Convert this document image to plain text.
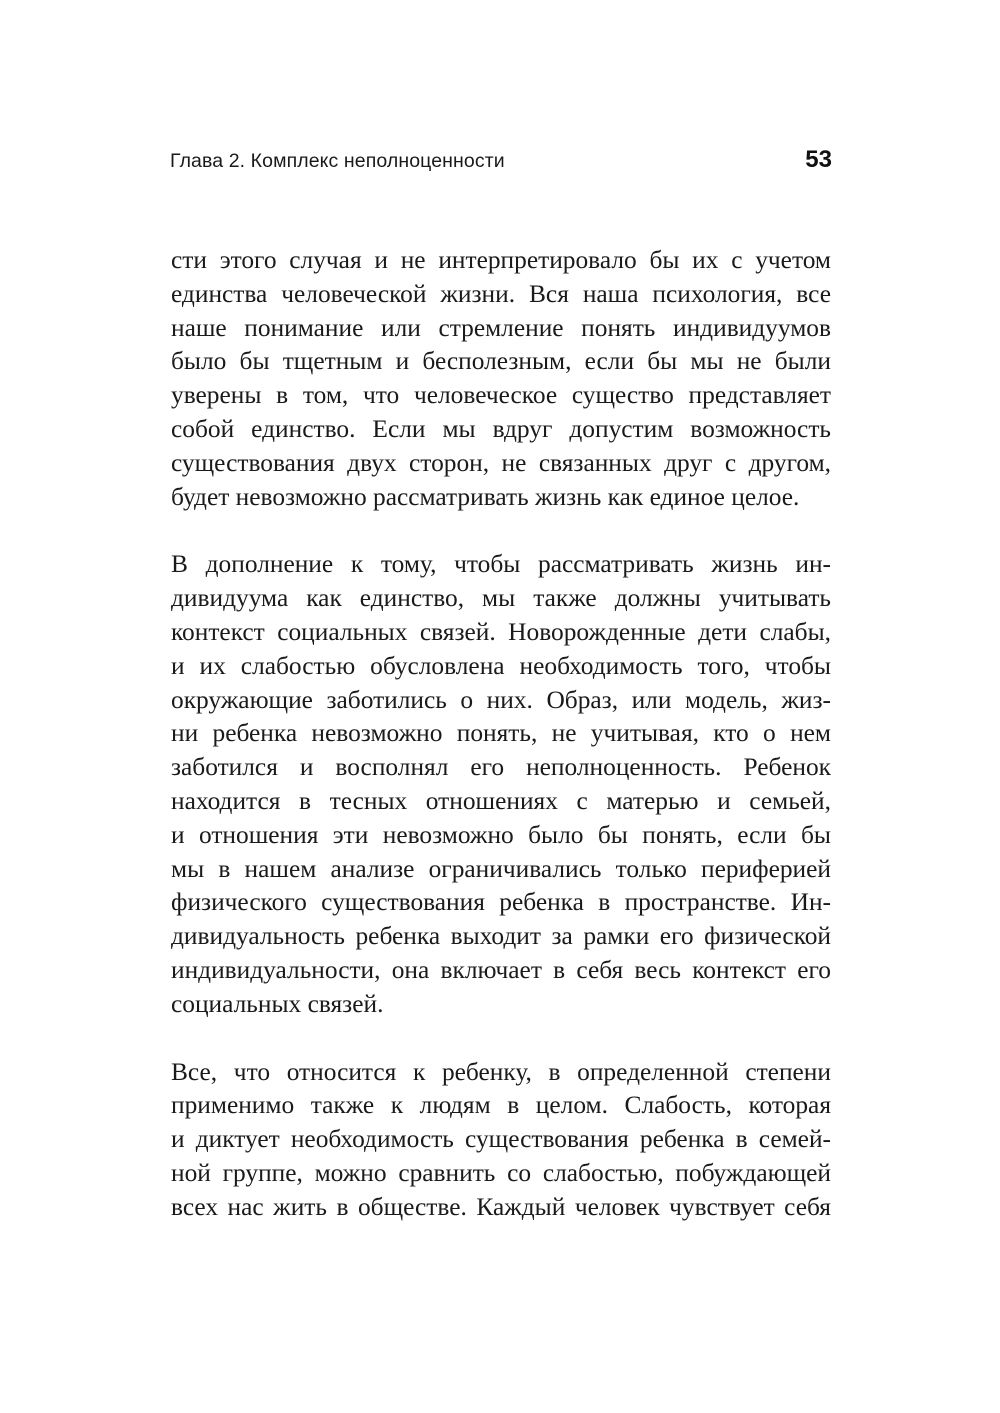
Глава 2. Комплекс неполноценности	53
сти этого случая и не интерпретировало бы их с учетом
единства человеческой жизни. Вся наша психология, все
наше понимание или стремление понять индивидуумов
было бы тщетным и бесполезным, если бы мы не были
уверены в том, что человеческое существо представляет
собой единство. Если мы вдруг допустим возможность
существования двух сторон, не связанных друг с другом,
будет невозможно рассматривать жизнь как единое целое.
В дополнение к тому, чтобы рассматривать жизнь ин-
дивидуума как единство, мы также должны учитывать
контекст социальных связей. Новорожденные дети слабы,
и их слабостью обусловлена необходимость того, чтобы
окружающие заботились о них. Образ, или модель, жиз-
ни ребенка невозможно понять, не учитывая, кто о нем
заботился и восполнял его неполноценность. Ребенок
находится в тесных отношениях с матерью и семьей,
и отношения эти невозможно было бы понять, если бы
мы в нашем анализе ограничивались только периферией
физического существования ребенка в пространстве. Ин-
дивидуальность ребенка выходит за рамки его физической
индивидуальности, она включает в себя весь контекст его
социальных связей.
Все, что относится к ребенку, в определенной степени
применимо также к людям в целом. Слабость, которая
и диктует необходимость существования ребенка в семей-
ной группе, можно сравнить со слабостью, побуждающей
всех нас жить в обществе. Каждый человек чувствует себя
